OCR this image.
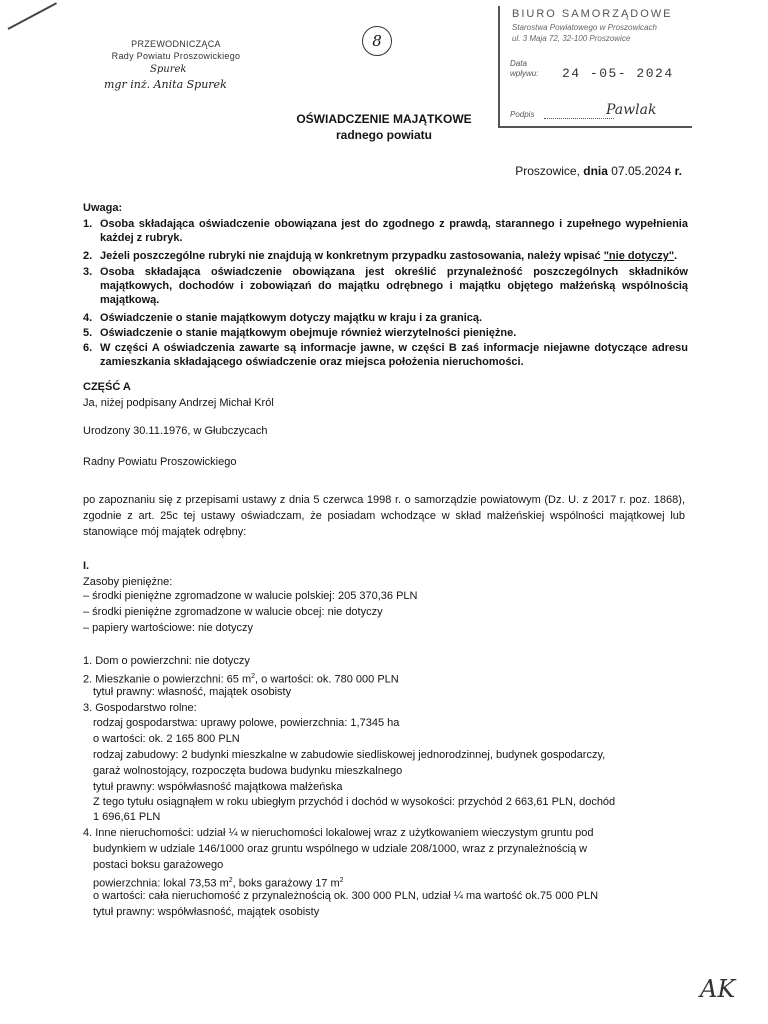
PRZEWODNICZĄCA
Rady Powiatu Proszowickiego
Spurek
mgr inż. Anita Spurek
8
BIURO SAMORZĄDOWE
Starostwa Powiatowego w Proszowicach
ul. 3 Maja 72, 32-100 Proszowice
Data
wpływu: 24 -05- 2024
Podpis	Pawlak
OŚWIADCZENIE MAJĄTKOWE
radnego powiatu
Proszowice, dnia 07.05.2024 r.
Uwaga:
1. Osoba składająca oświadczenie obowiązana jest do zgodnego z prawdą, starannego i zupełnego wypełnienia każdej z rubryk.
2. Jeżeli poszczególne rubryki nie znajdują w konkretnym przypadku zastosowania, należy wpisać "nie dotyczy".
3. Osoba składająca oświadczenie obowiązana jest określić przynależność poszczególnych składników majątkowych, dochodów i zobowiązań do majątku odrębnego i majątku objętego małżeńską wspólnością majątkową.
4. Oświadczenie o stanie majątkowym dotyczy majątku w kraju i za granicą.
5. Oświadczenie o stanie majątkowym obejmuje również wierzytelności pieniężne.
6. W części A oświadczenia zawarte są informacje jawne, w części B zaś informacje niejawne dotyczące adresu zamieszkania składającego oświadczenie oraz miejsca położenia nieruchomości.
CZĘŚĆ A
Ja, niżej podpisany Andrzej Michał Król
Urodzony 30.11.1976, w Głubczycach
Radny Powiatu Proszowickiego
po zapoznaniu się z przepisami ustawy z dnia 5 czerwca 1998 r. o samorządzie powiatowym (Dz. U. z 2017 r. poz. 1868), zgodnie z art. 25c tej ustawy oświadczam, że posiadam wchodzące w skład małżeńskiej wspólności majątkowej lub stanowiące mój majątek odrębny:
I.
Zasoby pieniężne:
– środki pieniężne zgromadzone w walucie polskiej: 205 370,36 PLN
– środki pieniężne zgromadzone w walucie obcej: nie dotyczy
– papiery wartościowe: nie dotyczy
1. Dom o powierzchni: nie dotyczy
2. Mieszkanie o powierzchni: 65 $m^2$, o wartości: ok. 780 000 PLN
tytuł prawny: własność, majątek osobisty
3. Gospodarstwo rolne:
rodzaj gospodarstwa: uprawy polowe, powierzchnia: 1,7345 ha
o wartości: ok. 2 165 800 PLN
rodzaj zabudowy: 2 budynki mieszkalne w zabudowie siedliskowej jednorodzinnej, budynek gospodarczy,
garaż wolnostojący, rozpoczęta budowa budynku mieszkalnego
tytuł prawny: współwłasność majątkowa małżeńska
Z tego tytułu osiągnąłem w roku ubiegłym przychód i dochód w wysokości: przychód 2 663,61 PLN, dochód
1 696,61 PLN
4. Inne nieruchomości: udział ¼ w nieruchomości lokalowej wraz z użytkowaniem wieczystym gruntu pod
budynkiem w udziale 146/1000 oraz gruntu wspólnego w udziale 208/1000, wraz z przynależnością w
postaci boksu garażowego
powierzchnia: lokal 73,53 $m^2$, boks garażowy 17 $m^2$
o wartości: cała nieruchomość z przynależnością ok. 300 000 PLN, udział ¼ ma wartość ok.75 000 PLN
tytuł prawny: współwłasność, majątek osobisty
AK
